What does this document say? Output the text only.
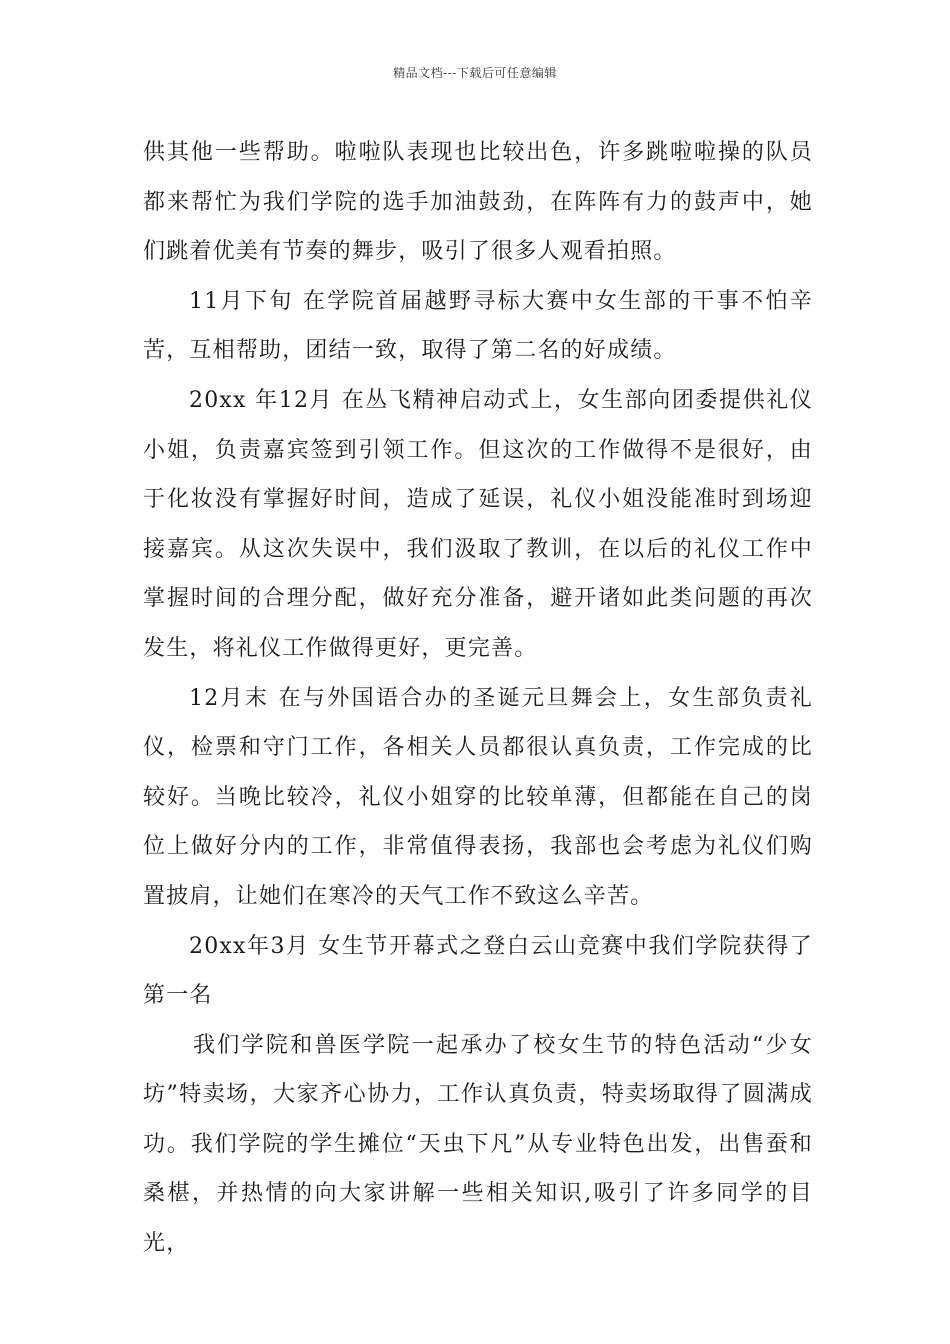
精品文档---下载后可任意编辑

供其他一些帮助。啦啦队表现也比较出色，许多跳啦啦操的队员都来帮忙为我们学院的选手加油鼓劲，在阵阵有力的鼓声中，她们跳着优美有节奏的舞步，吸引了很多人观看拍照。

11月下旬 在学院首届越野寻标大赛中女生部的干事不怕辛苦，互相帮助，团结一致，取得了第二名的好成绩。

20xx 年12月 在丛飞精神启动式上，女生部向团委提供礼仪小姐，负责嘉宾签到引领工作。但这次的工作做得不是很好，由于化妆没有掌握好时间，造成了延误，礼仪小姐没能准时到场迎接嘉宾。从这次失误中，我们汲取了教训，在以后的礼仪工作中掌握时间的合理分配，做好充分准备，避开诸如此类问题的再次发生，将礼仪工作做得更好，更完善。

12月末 在与外国语合办的圣诞元旦舞会上，女生部负责礼仪，检票和守门工作，各相关人员都很认真负责，工作完成的比较好。当晚比较冷，礼仪小姐穿的比较单薄，但都能在自己的岗位上做好分内的工作，非常值得表扬，我部也会考虑为礼仪们购置披肩，让她们在寒冷的天气工作不致这么辛苦。

20xx年3月 女生节开幕式之登白云山竞赛中我们学院获得了第一名

我们学院和兽医学院一起承办了校女生节的特色活动“少女坊”特卖场，大家齐心协力，工作认真负责，特卖场取得了圆满成功。我们学院的学生摊位“天虫下凡”从专业特色出发，出售蚕和桑椹，并热情的向大家讲解一些相关知识,吸引了许多同学的目光，
